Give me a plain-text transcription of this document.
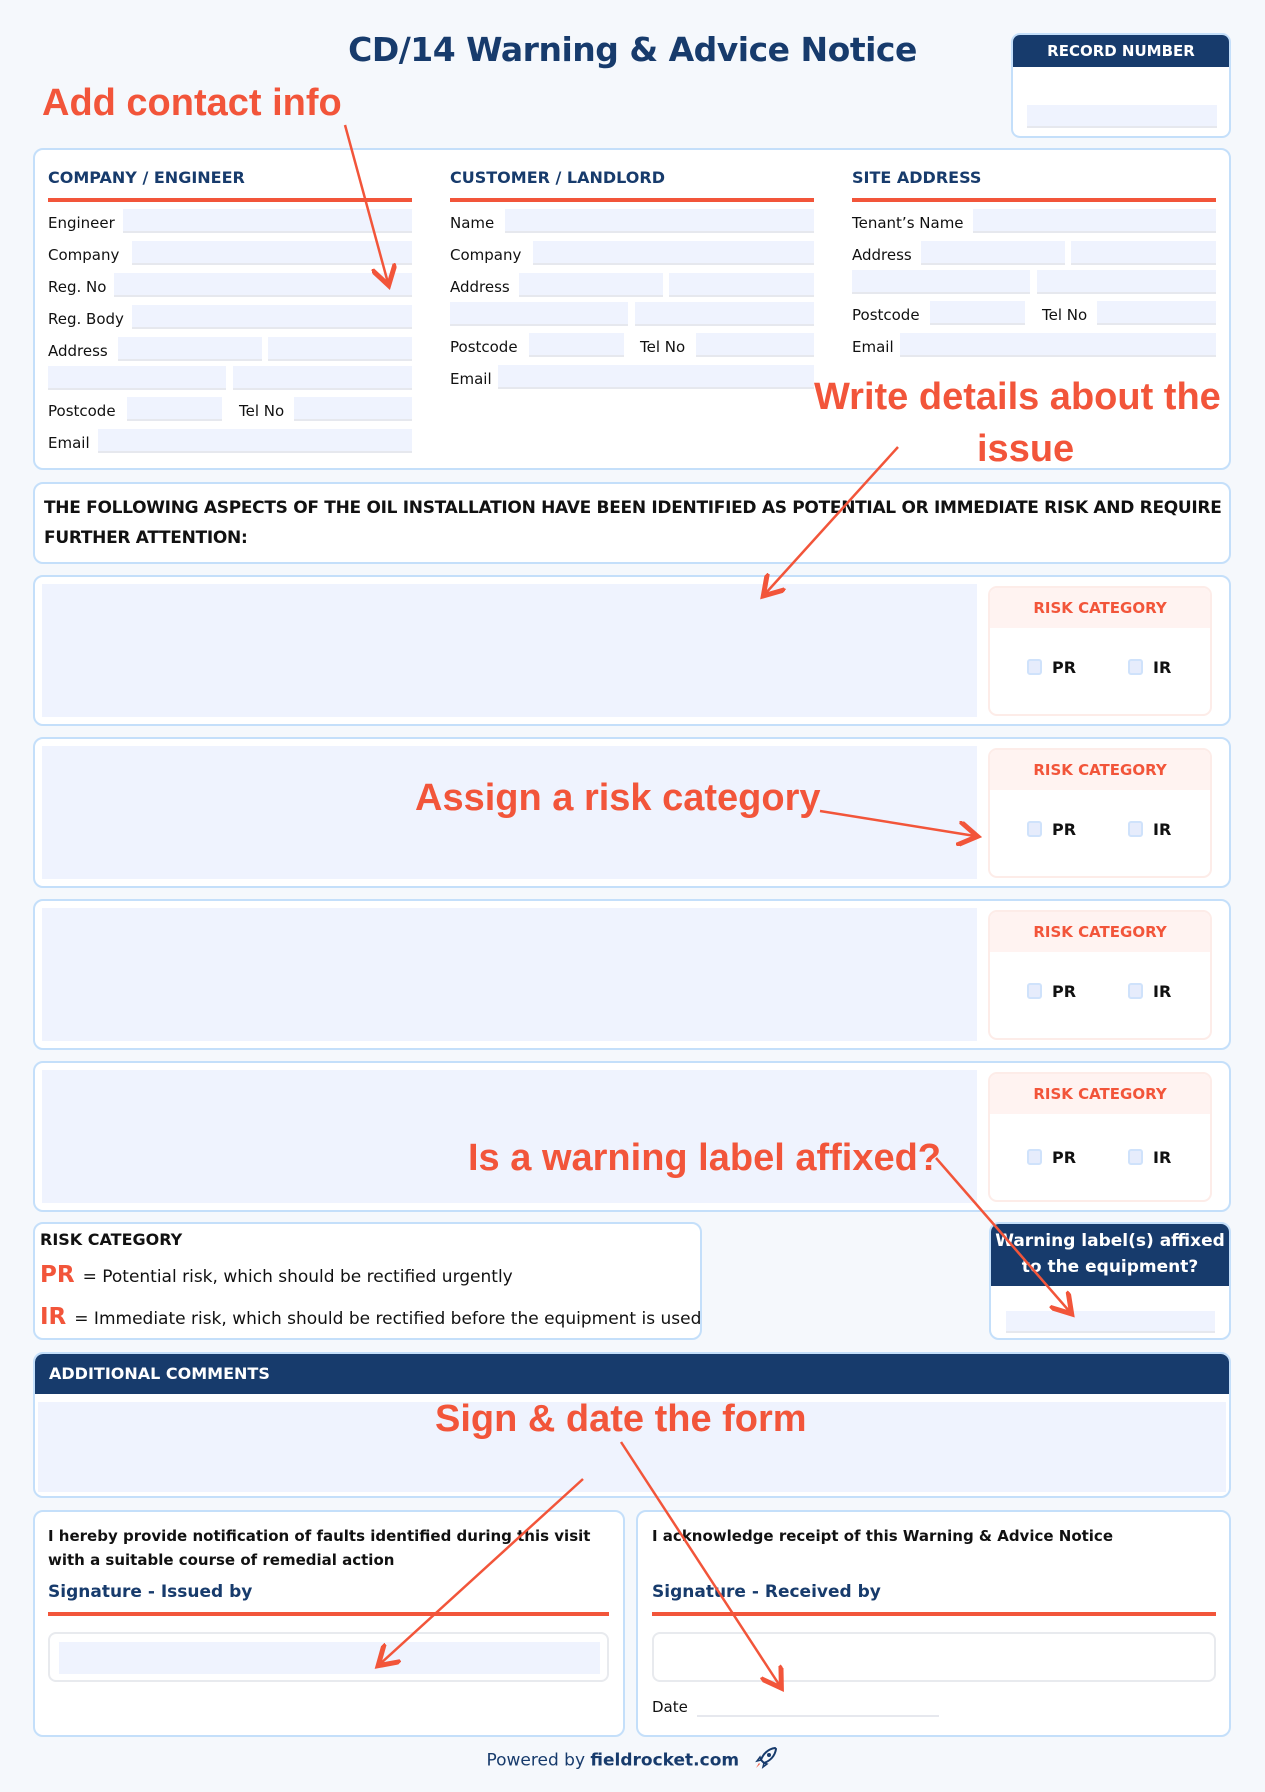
CD/14 Warning & Advice Notice	RECORD NUMBER
COMPANY / ENGINEER
Engineer
Company
Reg. No
Reg. Body
Address
Postcode	Tel No
Email
CUSTOMER / LANDLORD
Name
Company
Address
Postcode	Tel No
Email
SITE ADDRESS
Tenant’s Name
Address
Postcode	Tel No
Email
THE FOLLOWING ASPECTS OF THE OIL INSTALLATION HAVE BEEN IDENTIFIED AS POTENTIAL OR IMMEDIATE RISK AND REQUIRE FURTHER ATTENTION:
RISK CATEGORY
PR	IR
RISK CATEGORY
PR	IR
RISK CATEGORY
PR	IR
RISK CATEGORY
PR	IR
RISK CATEGORY
PR = Potential risk, which should be rectified urgently
IR = Immediate risk, which should be rectified before the equipment is used
Warning label(s) affixed to the equipment?
ADDITIONAL COMMENTS
I hereby provide notification of faults identified during this visit with a suitable course of remedial action
Signature - Issued by
I acknowledge receipt of this Warning & Advice Notice
Signature - Received by
Date
Powered by fieldrocket.com
Add contact info
Write details about the
issue
Assign a risk category
Is a warning label affixed?
Sign & date the form
